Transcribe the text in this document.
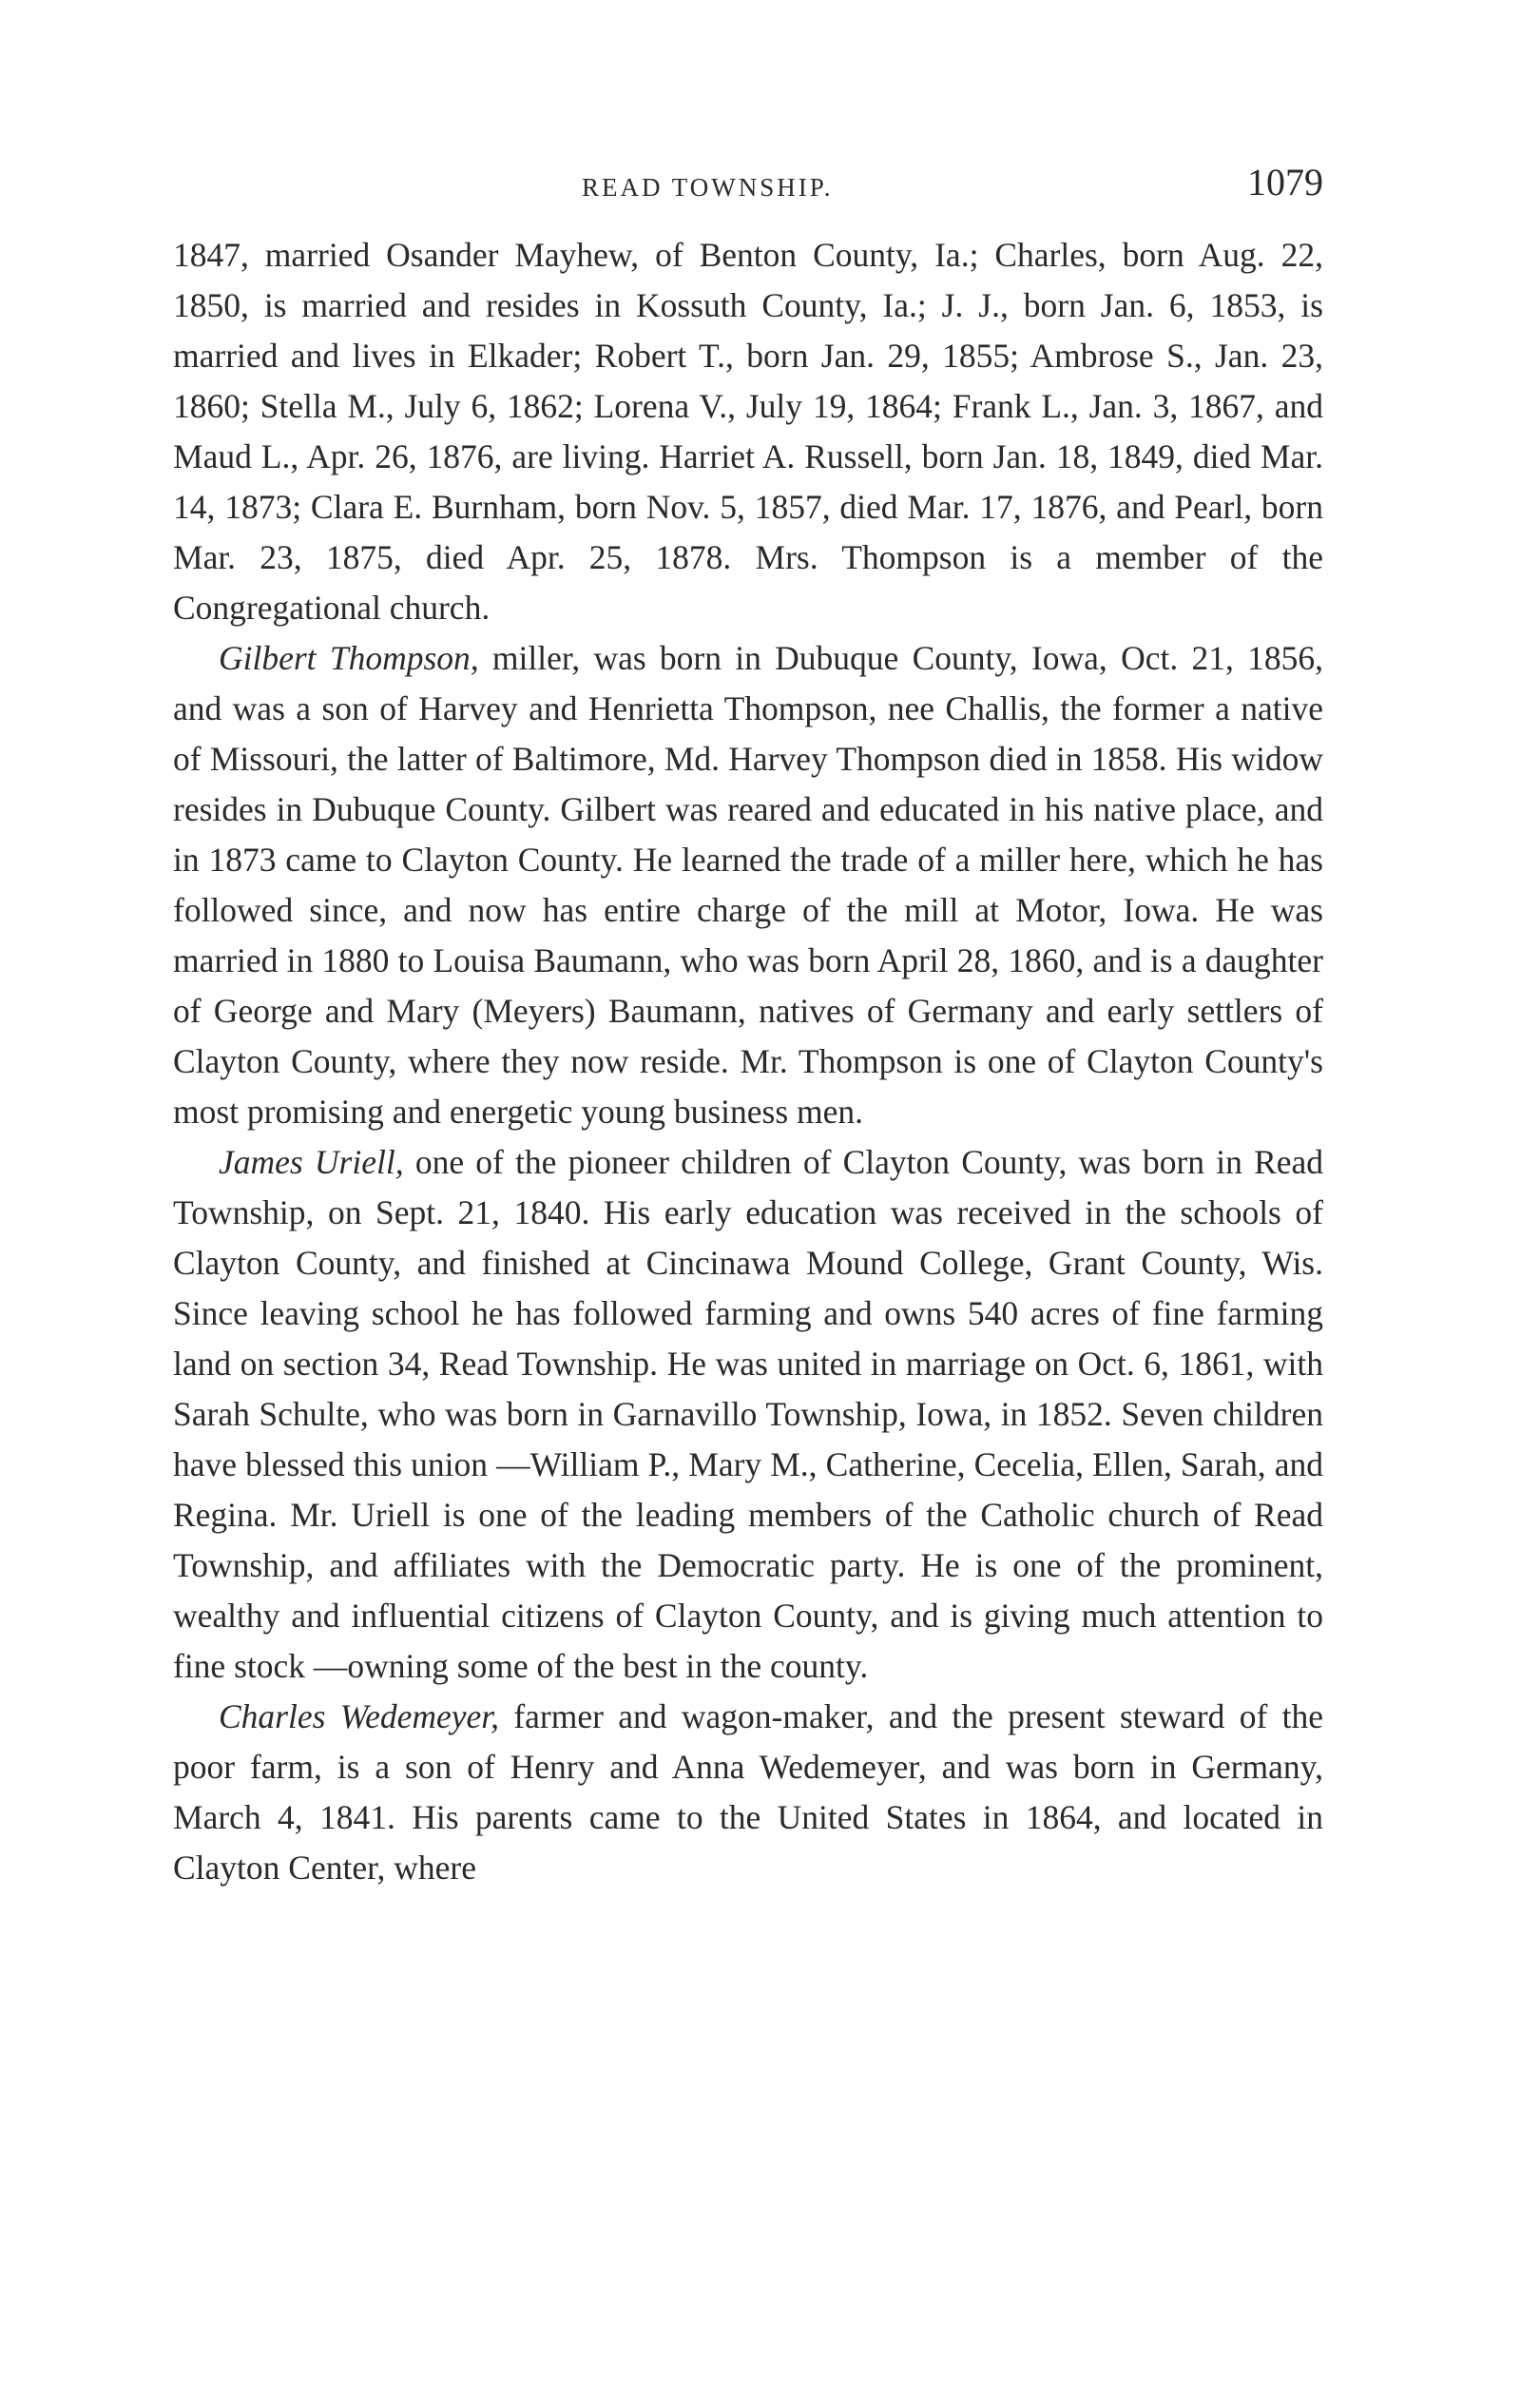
READ TOWNSHIP.	1079

1847, married Osander Mayhew, of Benton County, Ia.; Charles, born Aug. 22, 1850, is married and resides in Kossuth County, Ia.; J. J., born Jan. 6, 1853, is married and lives in Elkader; Robert T., born Jan. 29, 1855; Ambrose S., Jan. 23, 1860; Stella M., July 6, 1862; Lorena V., July 19, 1864; Frank L., Jan. 3, 1867, and Maud L., Apr. 26, 1876, are living. Harriet A. Russell, born Jan. 18, 1849, died Mar. 14, 1873; Clara E. Burnham, born Nov. 5, 1857, died Mar. 17, 1876, and Pearl, born Mar. 23, 1875, died Apr. 25, 1878. Mrs. Thompson is a member of the Congregational church.

Gilbert Thompson, miller, was born in Dubuque County, Iowa, Oct. 21, 1856, and was a son of Harvey and Henrietta Thompson, nee Challis, the former a native of Missouri, the latter of Baltimore, Md. Harvey Thompson died in 1858. His widow resides in Dubuque County. Gilbert was reared and educated in his native place, and in 1873 came to Clayton County. He learned the trade of a miller here, which he has followed since, and now has entire charge of the mill at Motor, Iowa. He was married in 1880 to Louisa Baumann, who was born April 28, 1860, and is a daughter of George and Mary (Meyers) Baumann, natives of Germany and early settlers of Clayton County, where they now reside. Mr. Thompson is one of Clayton County's most promising and energetic young business men.

James Uriell, one of the pioneer children of Clayton County, was born in Read Township, on Sept. 21, 1840. His early education was received in the schools of Clayton County, and finished at Cincinawa Mound College, Grant County, Wis. Since leaving school he has followed farming and owns 540 acres of fine farming land on section 34, Read Township. He was united in marriage on Oct. 6, 1861, with Sarah Schulte, who was born in Garnavillo Township, Iowa, in 1852. Seven children have blessed this union —William P., Mary M., Catherine, Cecelia, Ellen, Sarah, and Regina. Mr. Uriell is one of the leading members of the Catholic church of Read Township, and affiliates with the Democratic party. He is one of the prominent, wealthy and influential citizens of Clayton County, and is giving much attention to fine stock —owning some of the best in the county.

Charles Wedemeyer, farmer and wagon-maker, and the present steward of the poor farm, is a son of Henry and Anna Wedemeyer, and was born in Germany, March 4, 1841. His parents came to the United States in 1864, and located in Clayton Center, where
